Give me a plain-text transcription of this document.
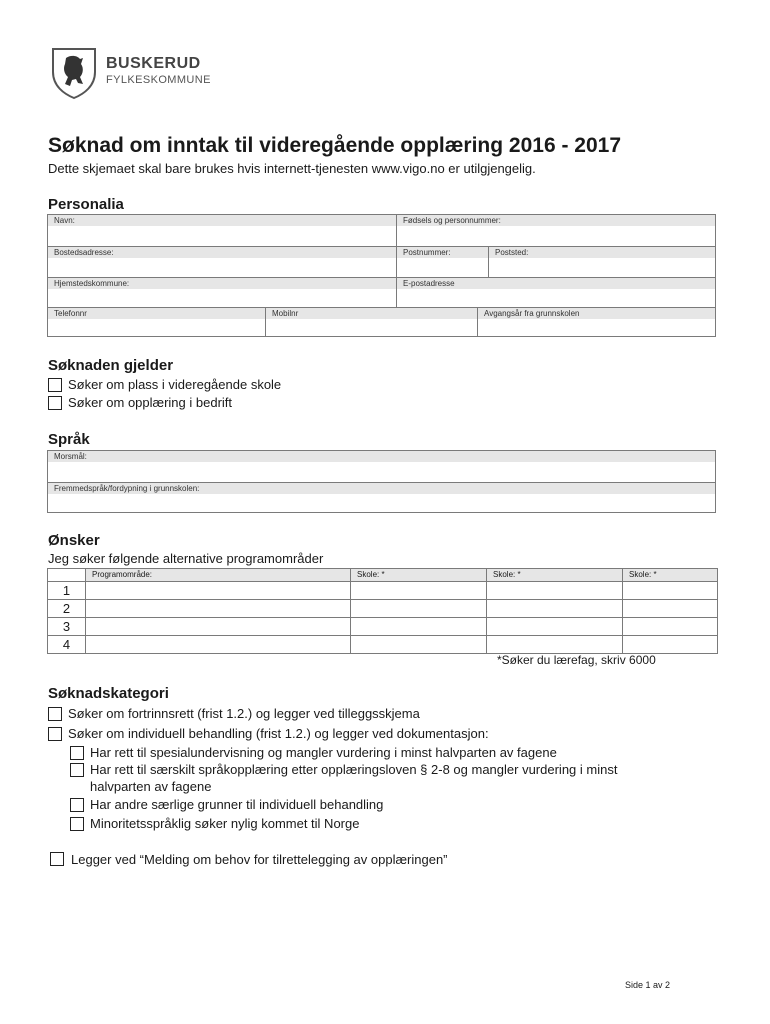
BUSKERUD
FYLKESKOMMUNE
Søknad om inntak til videregående opplæring 2016 - 2017
Dette skjemaet skal bare brukes hvis internett-tjenesten www.vigo.no er utilgjengelig.
Personalia
Navn:	Fødsels og personnummer:
Bostedsadresse:	Postnummer:	Poststed:
Hjemstedskommune:	E-postadresse
Telefonnr	Mobilnr	Avgangsår fra grunnskolen
Søknaden gjelder
Søker om plass i videregående skole
Søker om opplæring i bedrift
Språk
Morsmål:
Fremmedspråk/fordypning i grunnskolen:
Ønsker
Jeg søker følgende alternative programområder
	Programområde:	Skole: *	Skole: *	Skole: *
1				
2				
3				
4				
*Søker du lærefag, skriv 6000
Søknadskategori
Søker om fortrinnsrett (frist 1.2.) og legger ved tilleggsskjema
Søker om individuell behandling (frist 1.2.) og legger ved dokumentasjon:
Har rett til spesialundervisning og mangler vurdering i minst halvparten av fagene
Har rett til særskilt språkopplæring etter opplæringsloven § 2-8 og mangler vurdering i minst
halvparten av fagene
Har andre særlige grunner til individuell behandling
Minoritetsspråklig søker nylig kommet til Norge
Legger ved “Melding om behov for tilrettelegging av opplæringen”
Side 1 av 2
